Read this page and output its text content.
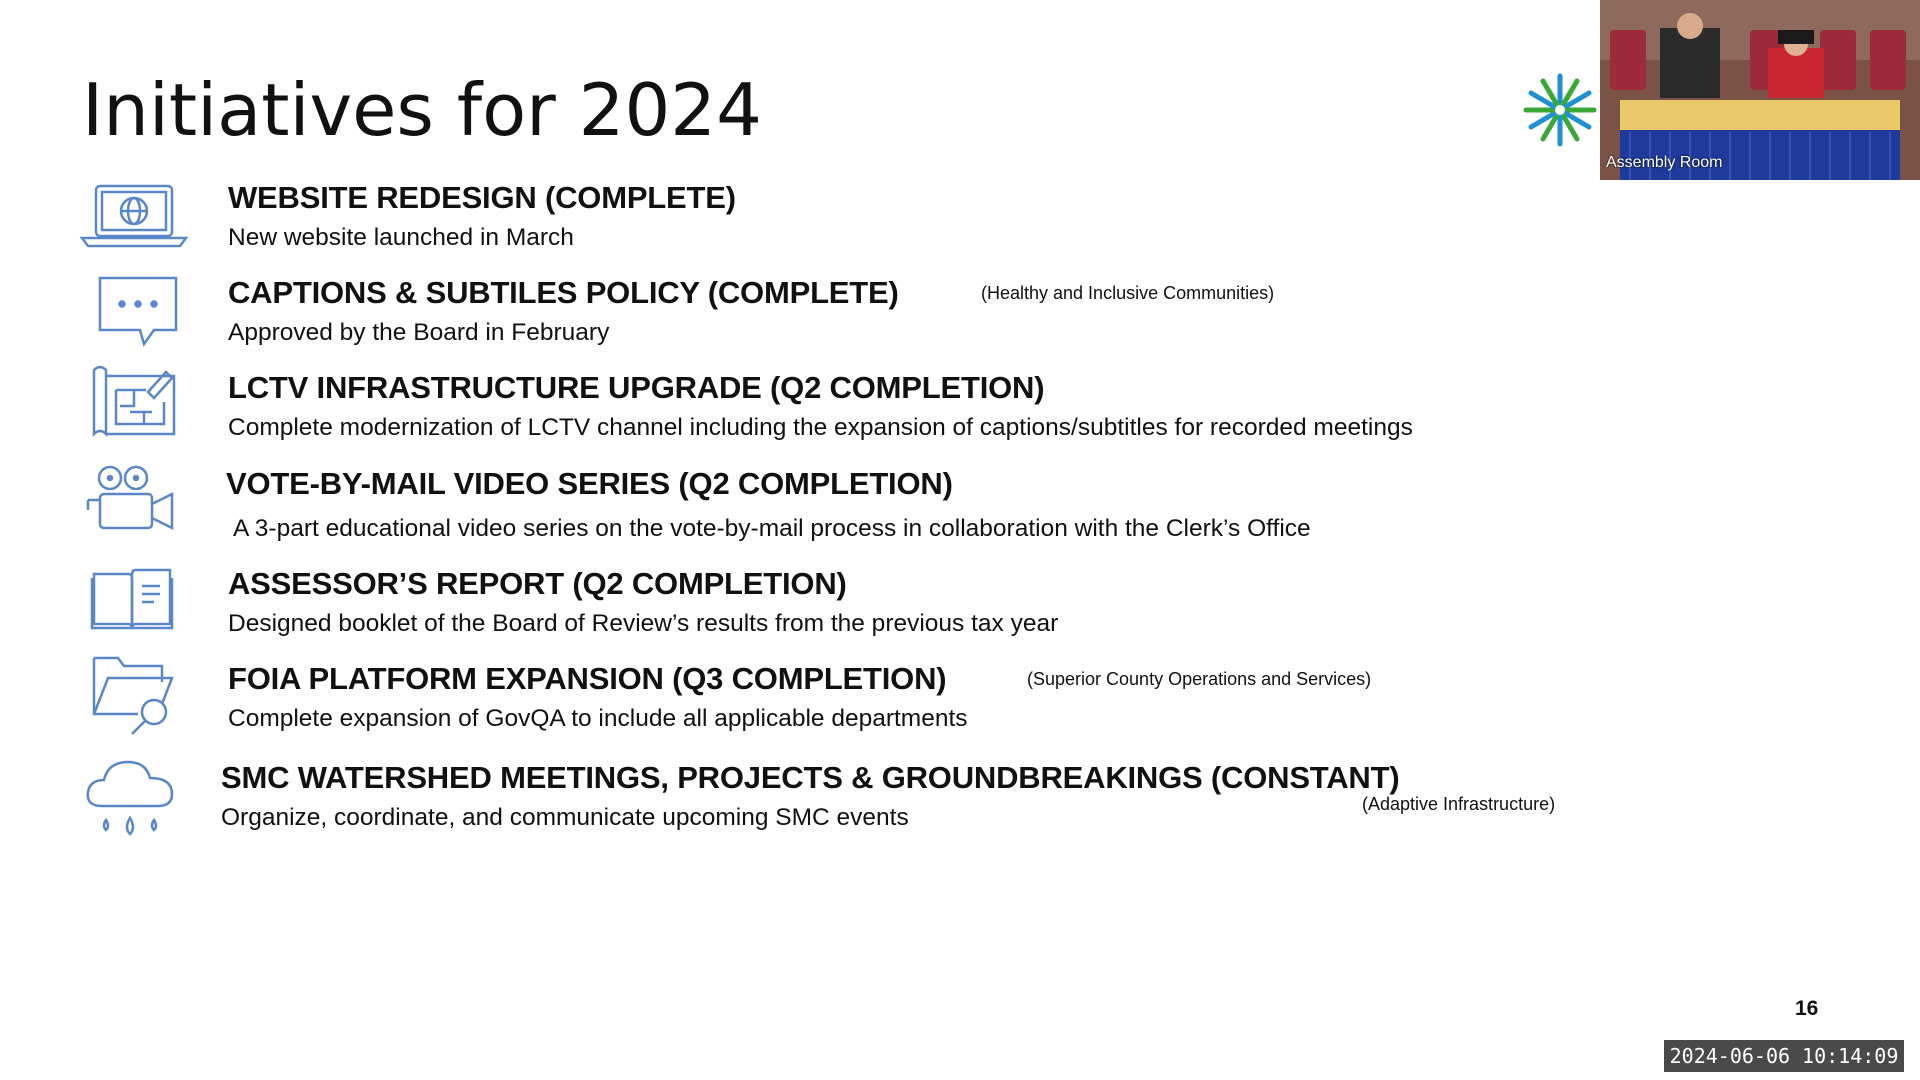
Initiatives for 2024
Assembly Room
WEBSITE REDESIGN (COMPLETE)
New website launched in March
CAPTIONS & SUBTILES POLICY (COMPLETE)
Approved by the Board in February
(Healthy and Inclusive Communities)
LCTV INFRASTRUCTURE UPGRADE (Q2 COMPLETION)
Complete modernization of LCTV channel including the expansion of captions/subtitles for recorded meetings
VOTE-BY-MAIL VIDEO SERIES (Q2 COMPLETION)
A 3-part educational video series on the vote-by-mail process in collaboration with the Clerk’s Office
ASSESSOR’S REPORT (Q2 COMPLETION)
Designed booklet of the Board of Review’s results from the previous tax year
FOIA PLATFORM EXPANSION (Q3 COMPLETION)
Complete expansion of GovQA to include all applicable departments
(Superior County Operations and Services)
SMC WATERSHED MEETINGS, PROJECTS & GROUNDBREAKINGS (CONSTANT)
Organize, coordinate, and communicate upcoming SMC events	(Adaptive Infrastructure)
16
2024-06-06 10:14:09
